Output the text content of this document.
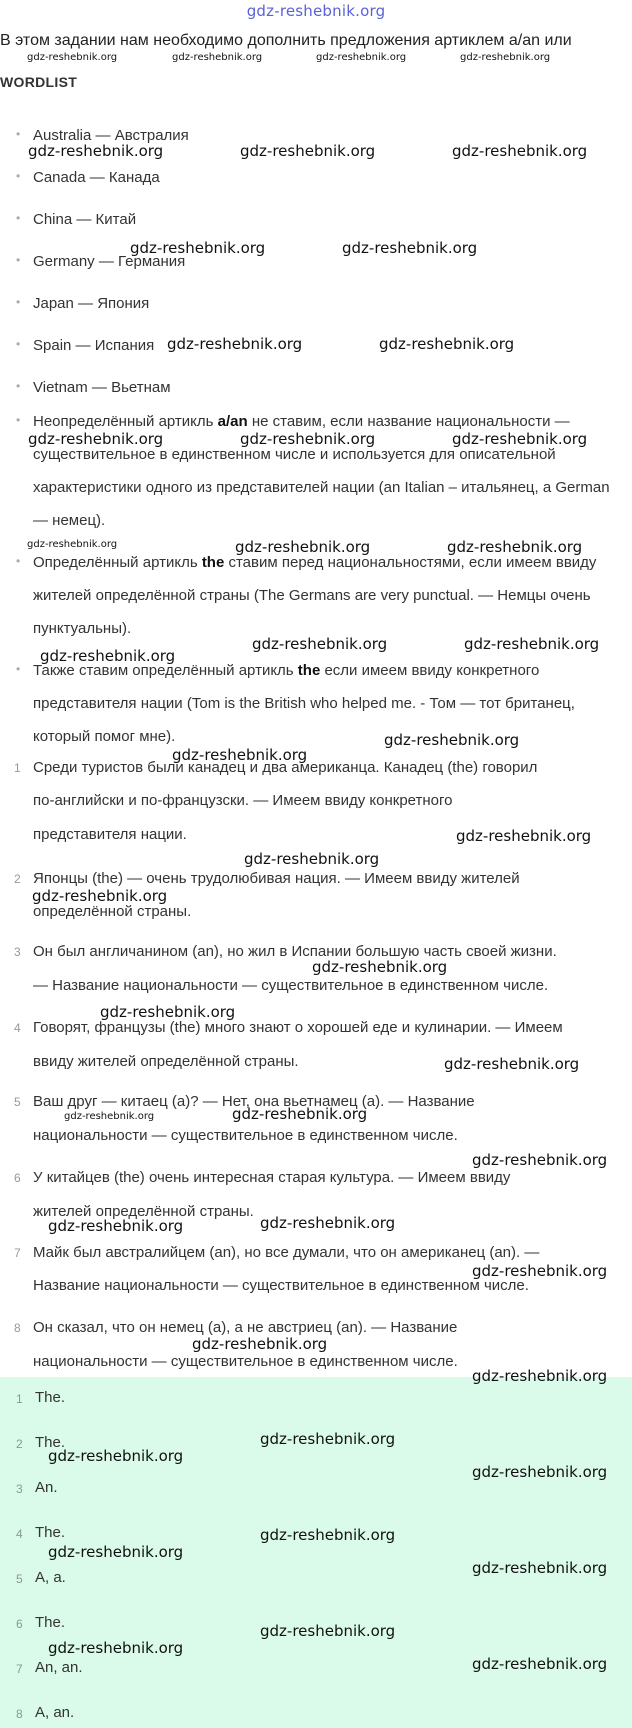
gdz-reshebnik.org
В этом задании нам необходимо дополнить предложения артиклем a/an или
gdz-reshebnik.org	gdz-reshebnik.org	gdz-reshebnik.org	gdz-reshebnik.org
WORDLIST
• Australia — Австралия
• Canada — Канада
• China — Китай
• Germany — Германия
• Japan — Япония
• Spain — Испания
• Vietnam — Вьетнам
Неопределённый артикль a/an не ставим, если название национальности — существительное в единственном числе и используется для описательной характеристики одного из представителей нации (an Italian – итальянец, a German — немец).
Определённый артикль the ставим перед национальностями, если имеем ввиду жителей определённой страны (The Germans are very punctual. — Немцы очень пунктуальны).
Также ставим определённый артикль the если имеем ввиду конкретного представителя нации (Tom is the British who helped me. - Том — тот британец, который помог мне).
•
•
•
1 Среди туристов были канадец и два американца. Канадец (the) говорил
по-английски и по-французски. — Имеем ввиду конкретного
представителя нации.
2 Японцы (the) — очень трудолюбивая нация. — Имеем ввиду жителей
определённой страны.
3 Он был англичанином (an), но жил в Испании большую часть своей жизни.
— Название национальности — существительное в единственном числе.
4 Говорят, французы (the) много знают о хорошей еде и кулинарии. — Имеем
ввиду жителей определённой страны.
5 Ваш друг — китаец (a)? — Нет, она вьетнамец (a). — Название
национальности — существительное в единственном числе.
6 У китайцев (the) очень интересная старая культура. — Имеем ввиду
жителей определённой страны.
7 Майк был австралийцем (an), но все думали, что он американец (an). —
Название национальности — существительное в единственном числе.
8 Он сказал, что он немец (a), а не австриец (an). — Название
национальности — существительное в единственном числе.
1 The.
2 The.
3 An.
4 The.
5 A, a.
6 The.
7 An, an.
8 A, an.
gdz-reshebnik.org	gdz-reshebnik.org	gdz-reshebnik.org
gdz-reshebnik.org	gdz-reshebnik.org
gdz-reshebnik.org	gdz-reshebnik.org
gdz-reshebnik.org	gdz-reshebnik.org	gdz-reshebnik.org
gdz-reshebnik.org	gdz-reshebnik.org	gdz-reshebnik.org
gdz-reshebnik.org
gdz-reshebnik.org	gdz-reshebnik.org
gdz-reshebnik.org
gdz-reshebnik.org
gdz-reshebnik.org
gdz-reshebnik.org
gdz-reshebnik.org
gdz-reshebnik.org
gdz-reshebnik.org
gdz-reshebnik.org
gdz-reshebnik.org	gdz-reshebnik.org
gdz-reshebnik.org
gdz-reshebnik.org	gdz-reshebnik.org
gdz-reshebnik.org
gdz-reshebnik.org
gdz-reshebnik.org
gdz-reshebnik.org
gdz-reshebnik.org
gdz-reshebnik.org
gdz-reshebnik.org
gdz-reshebnik.org
gdz-reshebnik.org
gdz-reshebnik.org
gdz-reshebnik.org
gdz-reshebnik.org
